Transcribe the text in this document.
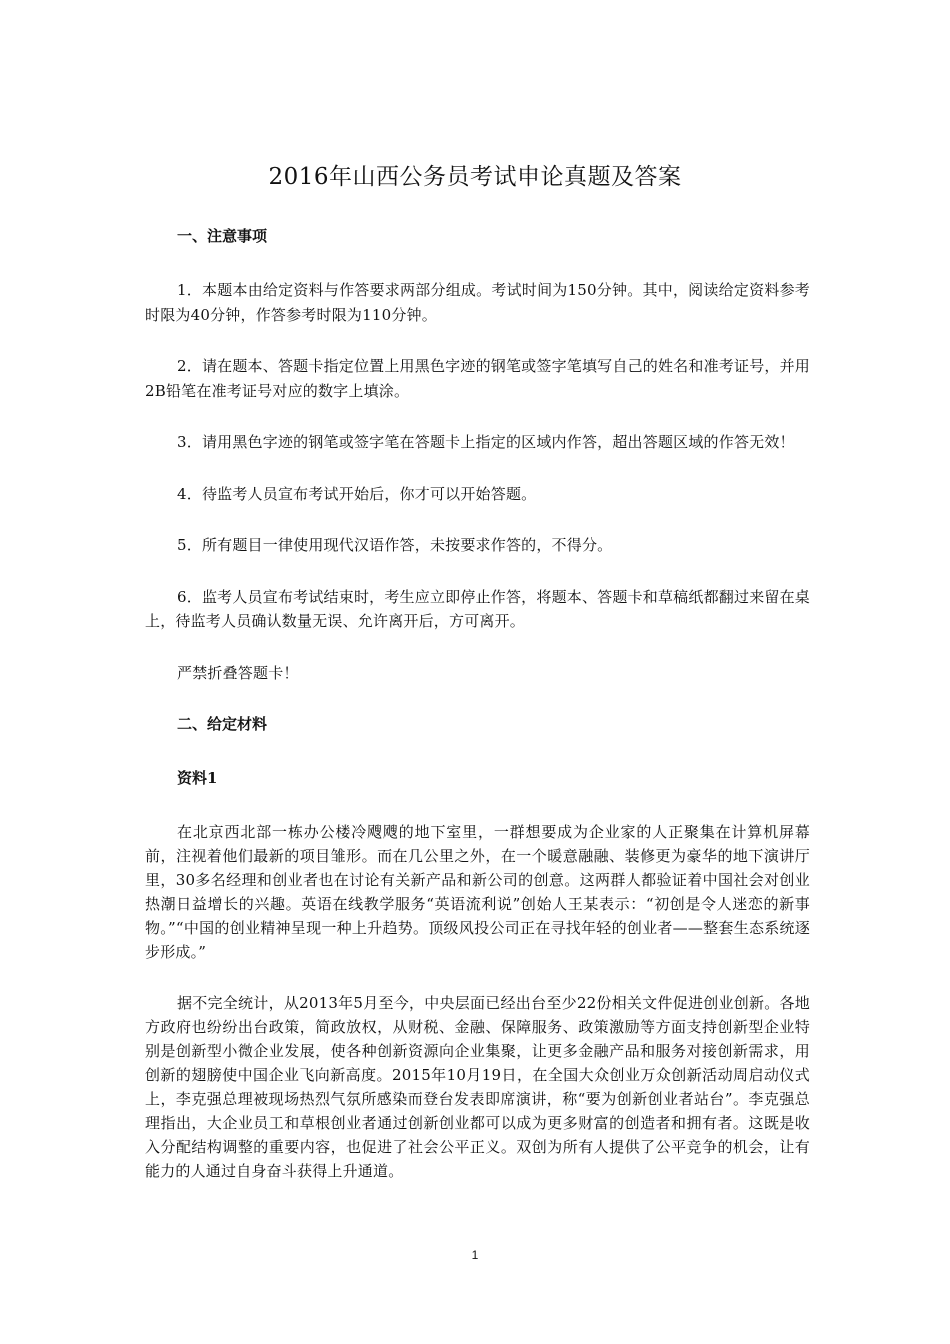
2016年山西公务员考试申论真题及答案
一、注意事项

1．本题本由给定资料与作答要求两部分组成。考试时间为150分钟。其中，阅读给定资料参考时限为40分钟，作答参考时限为110分钟。

2．请在题本、答题卡指定位置上用黑色字迹的钢笔或签字笔填写自己的姓名和准考证号，并用2B铅笔在准考证号对应的数字上填涂。

3．请用黑色字迹的钢笔或签字笔在答题卡上指定的区域内作答，超出答题区域的作答无效！

4．待监考人员宣布考试开始后，你才可以开始答题。

5．所有题目一律使用现代汉语作答，未按要求作答的，不得分。

6．监考人员宣布考试结束时，考生应立即停止作答，将题本、答题卡和草稿纸都翻过来留在桌上，待监考人员确认数量无误、允许离开后，方可离开。

严禁折叠答题卡！

二、给定材料
资料1

在北京西北部一栋办公楼冷飕飕的地下室里，一群想要成为企业家的人正聚集在计算机屏幕前，注视着他们最新的项目雏形。而在几公里之外，在一个暖意融融、装修更为豪华的地下演讲厅里，30多名经理和创业者也在讨论有关新产品和新公司的创意。这两群人都验证着中国社会对创业热潮日益增长的兴趣。英语在线教学服务“英语流利说”创始人王某表示：“初创是令人迷恋的新事物。”“中国的创业精神呈现一种上升趋势。顶级风投公司正在寻找年轻的创业者——整套生态系统逐步形成。”

据不完全统计，从2013年5月至今，中央层面已经出台至少22份相关文件促进创业创新。各地方政府也纷纷出台政策，简政放权，从财税、金融、保障服务、政策激励等方面支持创新型企业特别是创新型小微企业发展，使各种创新资源向企业集聚，让更多金融产品和服务对接创新需求，用创新的翅膀使中国企业飞向新高度。2015年10月19日，在全国大众创业万众创新活动周启动仪式上，李克强总理被现场热烈气氛所感染而登台发表即席演讲，称“要为创新创业者站台”。李克强总理指出，大企业员工和草根创业者通过创新创业都可以成为更多财富的创造者和拥有者。这既是收入分配结构调整的重要内容，也促进了社会公平正义。双创为所有人提供了公平竞争的机会，让有能力的人通过自身奋斗获得上升通道。

1
